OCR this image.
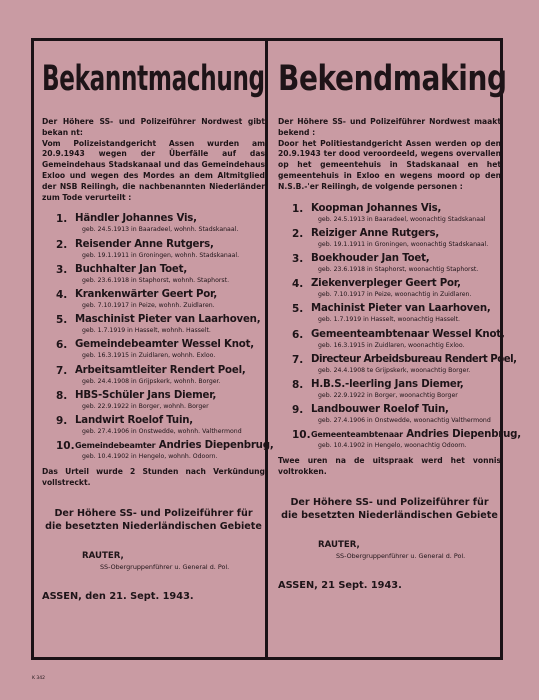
Bekanntmachung

Der Höhere SS- und Polizeiführer Nordwest gibt bekan nt:

Vom Polizeistandgericht Assen wurden am 20.9.1943 wegen der Überfälle auf das Gemeindehaus Stadskanaal und das Gemeindehaus Exloo und wegen des Mordes an dem Altmitglied der NSB Reilingh, die nachbenannten Niederländer zum Tode verurteilt :

1. Händler Johannes Vis,
geb. 24.5.1913 in Baaradeel, wohnh. Stadskanaal.
2. Reisender Anne Rutgers,
geb. 19.1.1911 in Groningen, wohnh. Stadskanaal.
3. Buchhalter Jan Toet,
geb. 23.6.1918 in Staphorst, wohnh. Staphorst.
4. Krankenwärter Geert Por,
geb. 7.10.1917 in Peize, wohnh. Zuidlaren.
5. Maschinist Pieter van Laarhoven,
geb. 1.7.1919 in Hasselt, wohnh. Hasselt.
6. Gemeindebeamter Wessel Knot,
geb. 16.3.1915 in Zuidlaren, wohnh. Exloo.
7. Arbeitsamtleiter Rendert Poel,
geb. 24.4.1908 in Grijpskerk, wohnh. Borger.
8. HBS-Schüler Jans Diemer,
geb. 22.9.1922 in Borger, wohnh. Borger
9. Landwirt Roelof Tuin,
geb. 27.4.1906 in Onstwedde, wohnh. Valthermond
10. Gemeindebeamter Andries Diepenbrug,
geb. 10.4.1902 in Hengelo, wohnh. Odoorn.
Das Urteil wurde 2 Stunden nach Verkündung vollstreckt.
Der Höhere SS- und Polizeiführer für
die besetzten Niederländischen Gebiete
RAUTER,
SS-Obergruppenführer u. General d. Pol.
ASSEN, den 21. Sept. 1943.
Bekendmaking

Der Höhere SS- und Polizeiführer Nordwest maakt bekend :

Door het Politiestandgericht Assen werden op den 20.9.1943 ter dood veroordeeld, wegens overvallen op het gemeentehuis in Stadskanaal en het gemeentehuis in Exloo en wegens moord op den N.S.B.-'er Reilingh, de volgende personen :

1. Koopman Johannes Vis,
geb. 24.5.1913 in Baaradeel, woonachtig Stadskanaal
2. Reiziger Anne Rutgers,
geb. 19.1.1911 in Groningen, woonachtig Stadskanaal.
3. Boekhouder Jan Toet,
geb. 23.6.1918 in Staphorst, woonachtig Staphorst.
4. Ziekenverpleger Geert Por,
geb. 7.10.1917 in Peize, woonachtig in Zuidlaren.
5. Machinist Pieter van Laarhoven,
geb. 1.7.1919 in Hasselt, woonachtig Hasselt.
6. Gemeenteambtenaar Wessel Knot,
geb. 16.3.1915 in Zuidlaren, woonachtig Exloo.
7. Directeur Arbeidsbureau Rendert Poel,
geb. 24.4.1908 te Grijpskerk, woonachtig Borger.
8. H.B.S.-leerling Jans Diemer,
geb. 22.9.1922 in Borger, woonachtig Borger
9. Landbouwer Roelof Tuin,
geb. 27.4.1906 in Onstwedde, woonachtig Valthermond
10. Gemeenteambtenaar Andries Diepenbrug,
geb. 10.4.1902 in Hengelo, woonachtig Odoorn.
Twee uren na de uitspraak werd het vonnis voltrokken.
Der Höhere SS- und Polizeiführer für
die besetzten Niederländischen Gebiete
RAUTER,
SS-Obergruppenführer u. General d. Pol.
ASSEN, 21 Sept. 1943.
K 342
